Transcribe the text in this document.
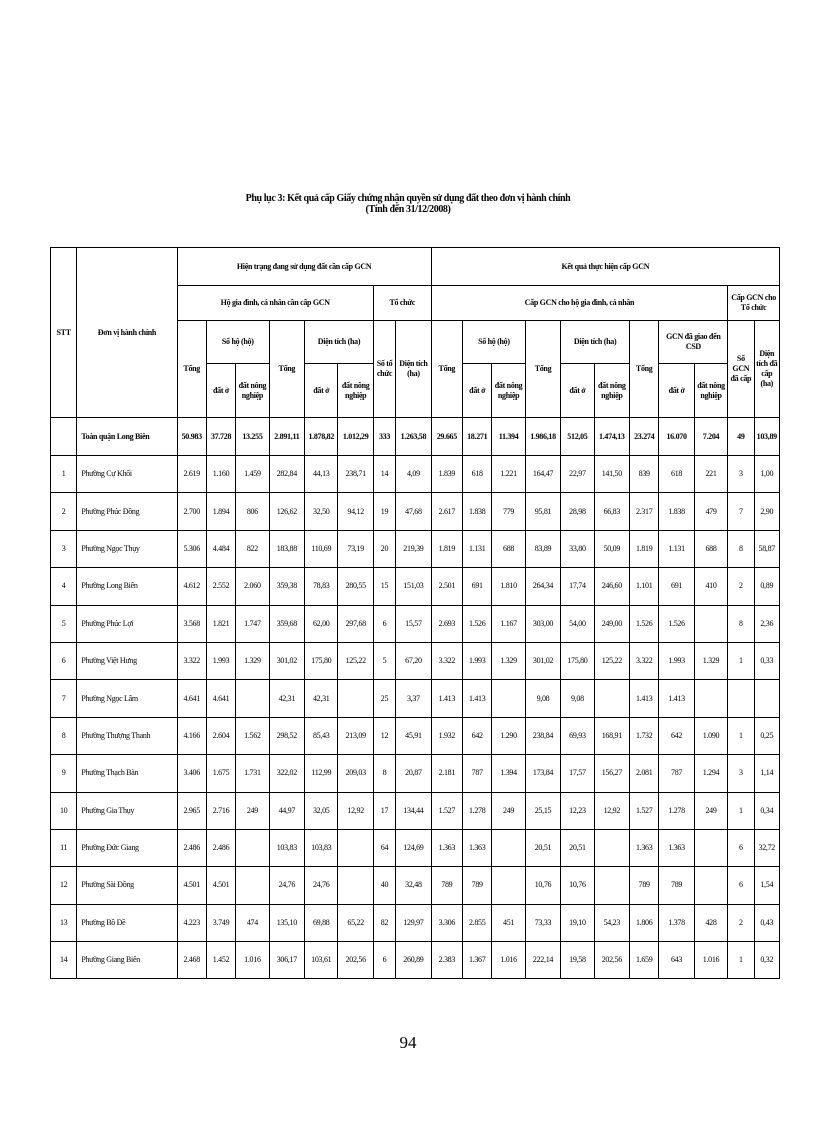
Phụ lục 3: Kết quả cấp Giấy chứng nhận quyền sử dụng đất theo đơn vị hành chính
(Tính đến 31/12/2008)
STT	Đơn vị hành chính	Hiện trạng đang sử dụng đất cần cấp GCN								Kết quả thực hiện cấp GCN										
		Hộ gia đình, cá nhân cần cấp GCN						Tổ chức		Cấp GCN cho hộ gia đình, cá nhân									Cấp GCN cho Tổ chức	
		Tổng	Số hộ (hộ)		Tổng	Diện tích (ha)		Số tổ chức	Diện tích (ha)	Tổng	Số hộ (hộ)		Tổng	Diện tích (ha)		Tổng	GCN đã giao đến CSD		Số GCN đã cấp	Diện tích đã cấp (ha)
			đất ở	đất nông nghiệp		đất ở	đất nông nghiệp				đất ở	đất nông nghiệp		đất ở	đất nông nghiệp		đất ở	đất nông nghiệp		
	Toàn quận Long Biên	50.983	37.728	13.255	2.891,11	1.878,82	1.012,29	333	1.263,58	29.665	18.271	11.394	1.986,18	512,05	1.474,13	23.274	16.070	7.204	49	103,89
1	Phường Cự Khối	2.619	1.160	1.459	282,84	44,13	238,71	14	4,09	1.839	618	1.221	164,47	22,97	141,50	839	618	221	3	1,00
2	Phường Phúc Đồng	2.700	1.894	806	126,62	32,50	94,12	19	47,68	2.617	1.838	779	95,81	28,98	66,83	2.317	1.838	479	7	2,90
3	Phường Ngọc Thụy	5.306	4.484	822	183,88	110,69	73,19	20	219,39	1.819	1.131	688	83,89	33,80	50,09	1.819	1.131	688	8	58,87
4	Phường Long Biên	4.612	2.552	2.060	359,38	78,83	280,55	15	151,03	2.501	691	1.810	264,34	17,74	246,60	1.101	691	410	2	0,89
5	Phường Phúc Lợi	3.568	1.821	1.747	359,68	62,00	297,68	6	15,57	2.693	1.526	1.167	303,00	54,00	249,00	1.526	1.526		8	2,36
6	Phường Việt Hưng	3.322	1.993	1.329	301,02	175,80	125,22	5	67,20	3.322	1.993	1.329	301,02	175,80	125,22	3.322	1.993	1.329	1	0,33
7	Phường Ngọc Lâm	4.641	4.641		42,31	42,31		25	3,37	1.413	1.413		9,08	9,08		1.413	1.413			
8	Phường Thượng Thanh	4.166	2.604	1.562	298,52	85,43	213,09	12	45,91	1.932	642	1.290	238,84	69,93	168,91	1.732	642	1.090	1	0,25
9	Phường Thạch Bàn	3.406	1.675	1.731	322,02	112,99	209,03	8	20,87	2.181	787	1.394	173,84	17,57	156,27	2.081	787	1.294	3	1,14
10	Phường Gia Thụy	2.965	2.716	249	44,97	32,05	12,92	17	134,44	1.527	1.278	249	25,15	12,23	12,92	1.527	1.278	249	1	0,34
11	Phường Đức Giang	2.486	2.486		103,83	103,83		64	124,69	1.363	1.363		20,51	20,51		1.363	1.363		6	32,72
12	Phường Sài Đồng	4.501	4.501		24,76	24,76		40	32,48	789	789		10,76	10,76		789	789		6	1,54
13	Phường Bồ Đề	4.223	3.749	474	135,10	69,88	65,22	82	129,97	3.306	2.855	451	73,33	19,10	54,23	1.806	1.378	428	2	0,43
14	Phường Giang Biên	2.468	1.452	1.016	306,17	103,61	202,56	6	260,89	2.383	1.367	1.016	222,14	19,58	202,56	1.659	643	1.016	1	0,32
94
